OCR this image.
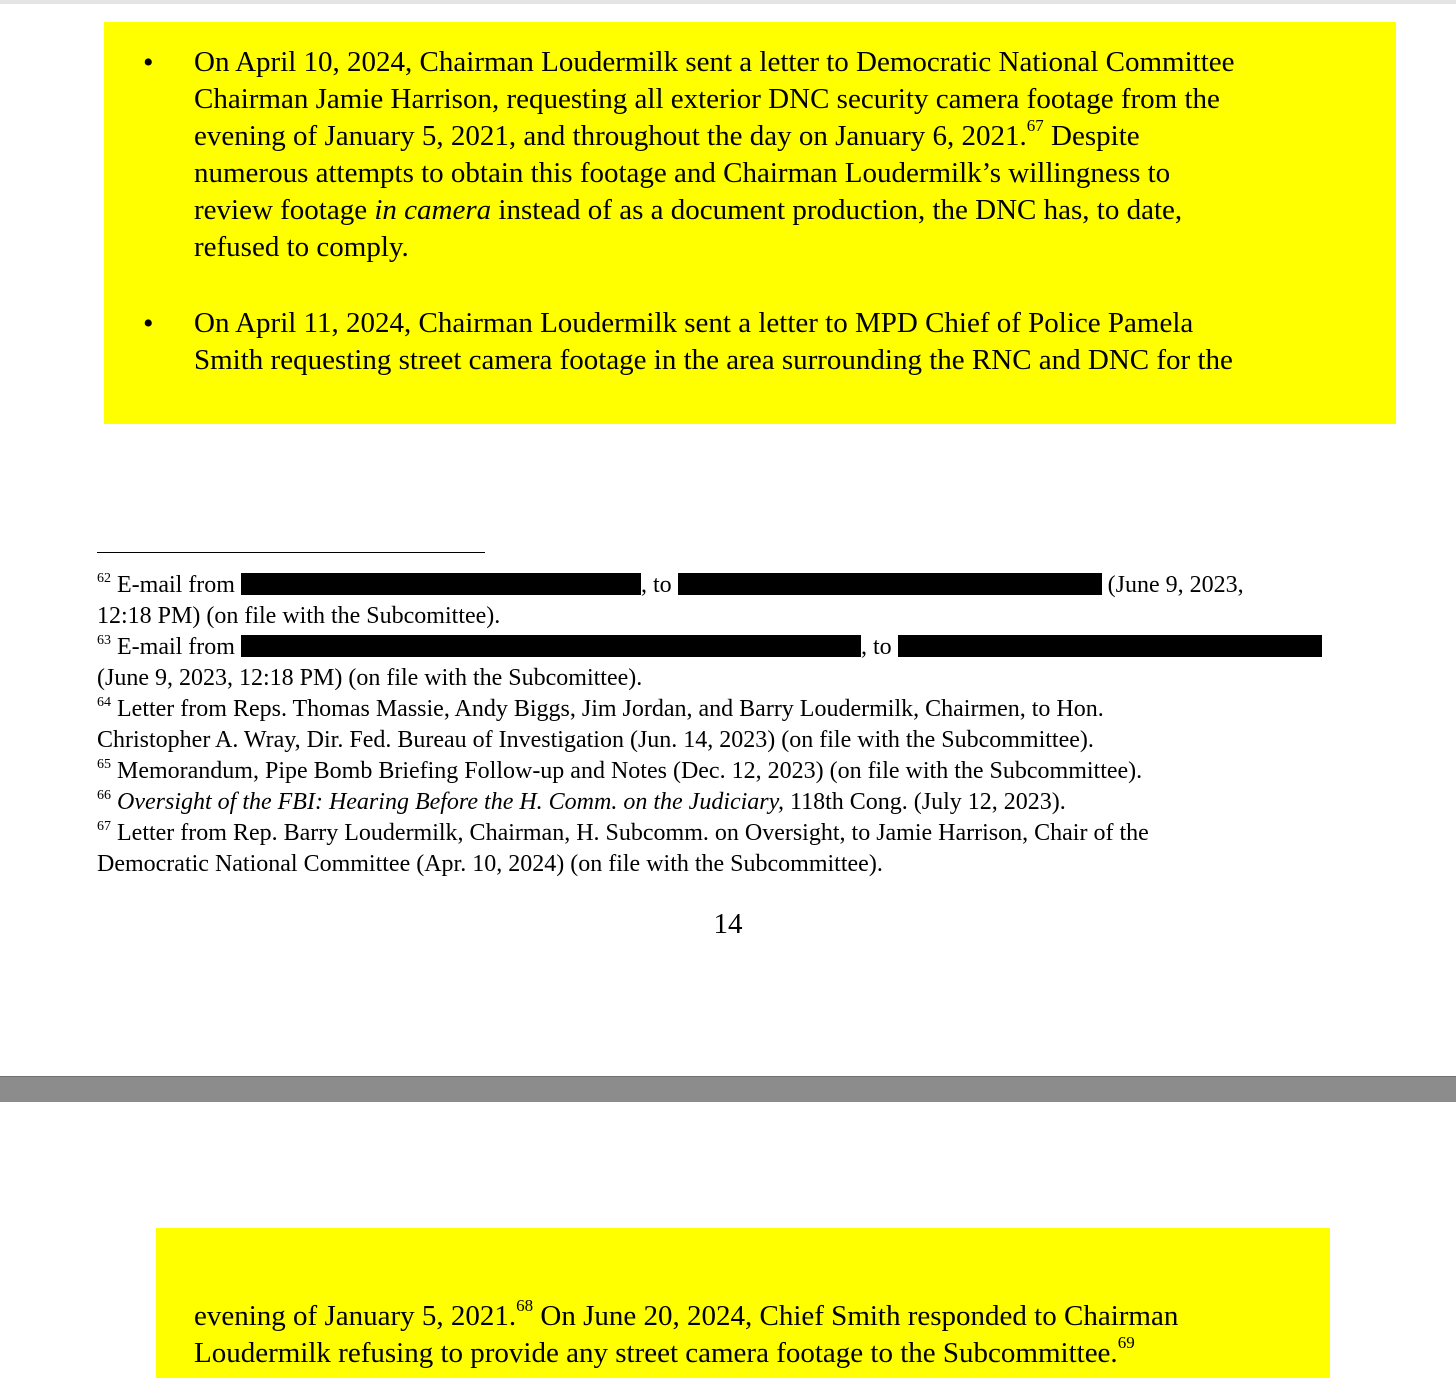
• On April 10, 2024, Chairman Loudermilk sent a letter to Democratic National Committee
Chairman Jamie Harrison, requesting all exterior DNC security camera footage from the
evening of January 5, 2021, and throughout the day on January 6, 2021.67 Despite
numerous attempts to obtain this footage and Chairman Loudermilk’s willingness to
review footage in camera instead of as a document production, the DNC has, to date,
refused to comply.
• On April 11, 2024, Chairman Loudermilk sent a letter to MPD Chief of Police Pamela
Smith requesting street camera footage in the area surrounding the RNC and DNC for the
$^{62}$ E-mail from	, to	(June 9, 2023,
12:18 PM) (on file with the Subcomittee).
$^{63}$ E-mail from	, to
(June 9, 2023, 12:18 PM) (on file with the Subcomittee).
$^{64}$ Letter from Reps. Thomas Massie, Andy Biggs, Jim Jordan, and Barry Loudermilk, Chairmen, to Hon.
Christopher A. Wray, Dir. Fed. Bureau of Investigation (Jun. 14, 2023) (on file with the Subcommittee).
$^{65}$ Memorandum, Pipe Bomb Briefing Follow-up and Notes (Dec. 12, 2023) (on file with the Subcommittee).
$^{66}$ Oversight of the FBI: Hearing Before the H. Comm. on the Judiciary, 118th Cong. (July 12, 2023).
$^{67}$ Letter from Rep. Barry Loudermilk, Chairman, H. Subcomm. on Oversight, to Jamie Harrison, Chair of the
Democratic National Committee (Apr. 10, 2024) (on file with the Subcommittee).
14
evening of January 5, 2021.68 On June 20, 2024, Chief Smith responded to Chairman
Loudermilk refusing to provide any street camera footage to the Subcommittee.$^{69}$
